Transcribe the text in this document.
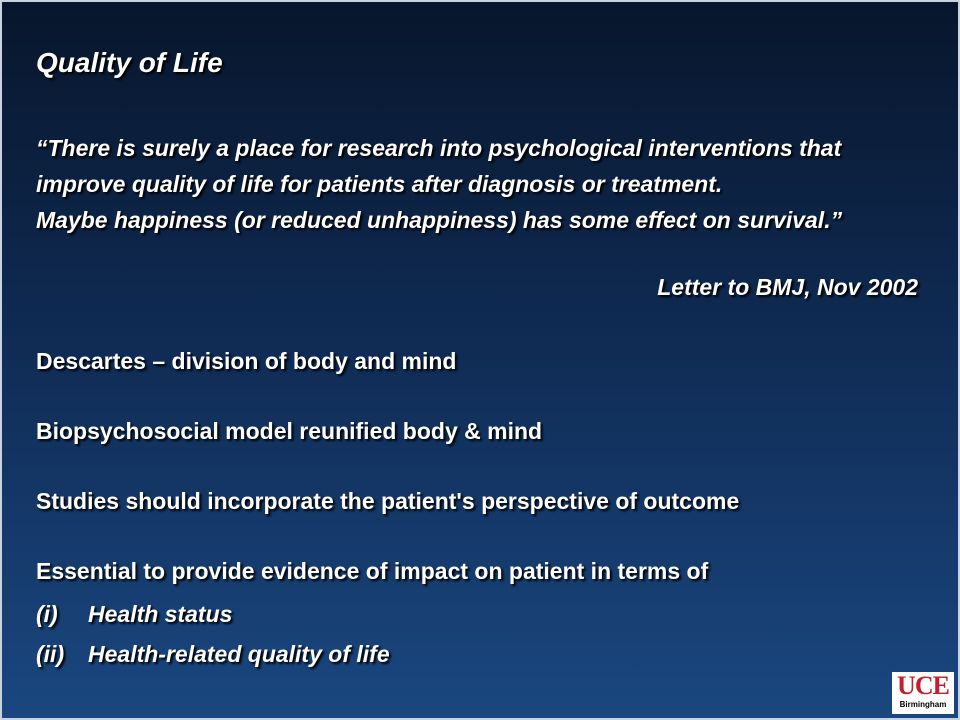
Quality of Life
“There is surely a place for research into psychological interventions that
improve quality of life for patients after diagnosis or treatment.
Maybe happiness (or reduced unhappiness) has some effect on survival.”
Letter to BMJ, Nov 2002
Descartes – division of body and mind
Biopsychosocial model reunified body & mind
Studies should incorporate the patient's perspective of outcome
Essential to provide evidence of impact on patient in terms of
(i)	Health status
(ii)	Health-related quality of life
UCE
Birmingham
